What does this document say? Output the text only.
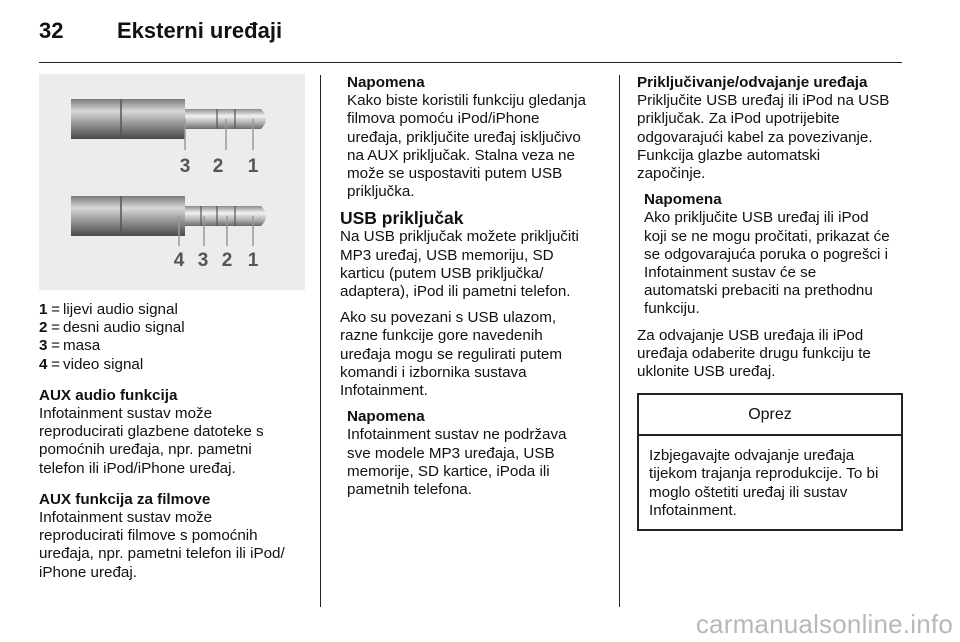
32 Eksterni uređaji
3 2 1
4 3 2 1
1 = lijevi audio signal
2 = desni audio signal
3 = masa
4 = video signal
AUX audio funkcija
Infotainment sustav može
reproducirati glazbene datoteke s
pomoćnih uređaja, npr. pametni
telefon ili iPod/iPhone uređaj.
AUX funkcija za filmove
Infotainment sustav može
reproducirati filmove s pomoćnih
uređaja, npr. pametni telefon ili iPod/
iPhone uređaj.
Napomena
Kako biste koristili funkciju gledanja
filmova pomoću iPod/iPhone
uređaja, priključite uređaj isključivo
na AUX priključak. Stalna veza ne
može se uspostaviti putem USB
priključka.
USB priključak
Na USB priključak možete priključiti
MP3 uređaj, USB memoriju, SD
karticu (putem USB priključka/
adaptera), iPod ili pametni telefon.
Ako su povezani s USB ulazom,
razne funkcije gore navedenih
uređaja mogu se regulirati putem
komandi i izbornika sustava
Infotainment.
Napomena
Infotainment sustav ne podržava
sve modele MP3 uređaja, USB
memorije, SD kartice, iPoda ili
pametnih telefona.
Priključivanje/odvajanje uređaja
Priključite USB uređaj ili iPod na USB
priključak. Za iPod upotrijebite
odgovarajući kabel za povezivanje.
Funkcija glazbe automatski
započinje.
Napomena
Ako priključite USB uređaj ili iPod
koji se ne mogu pročitati, prikazat će
se odgovarajuća poruka o pogrešci i
Infotainment sustav će se
automatski prebaciti na prethodnu
funkciju.
Za odvajanje USB uređaja ili iPod
uređaja odaberite drugu funkciju te
uklonite USB uređaj.
Oprez
Izbjegavajte odvajanje uređaja
tijekom trajanja reprodukcije. To bi
moglo oštetiti uređaj ili sustav
Infotainment.
carmanualsonline.info
